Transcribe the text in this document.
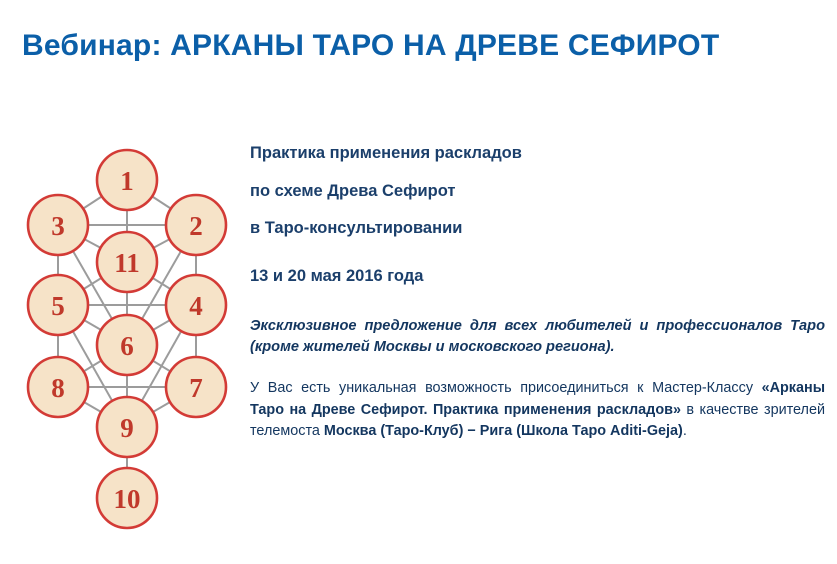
Вебинар: АРКАНЫ ТАРО НА ДРЕВЕ СЕФИРОТ
1
3	2
11
5	4
6
8	7
9
10
Практика применения раскладов
по схеме Древа Сефирот
в Таро-консультировании
13 и 20 мая 2016 года
Эксклюзивное предложение для всех любителей и профессионалов Таро (кроме жителей Москвы и московского региона).
У Вас есть уникальная возможность присоединиться к Мастер-Классу «Арканы Таро на Древе Сефирот. Практика применения раскладов» в качестве зрителей телемоста Москва (Таро-Клуб) − Рига (Школа Таро Aditi-Geja).
